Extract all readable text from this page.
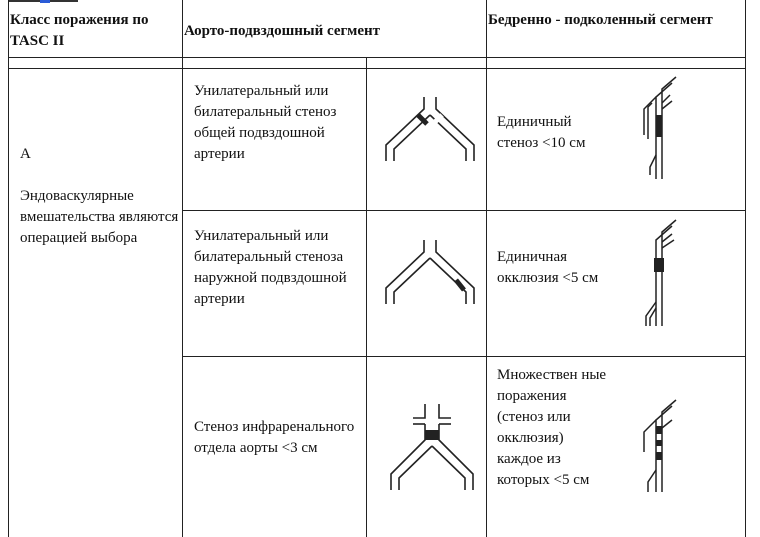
Класс поражения по TASC II
Аорто-подвздошный сегмент
Бедренно - подколенный сегмент
A
Эндоваскулярные вмешательства являются операцией выбора
Унилатеральный или билатеральный стеноз общей подвздошной артерии
Единичный стеноз <10 см
Унилатеральный или билатеральный стеноза наружной подвздошной артерии
Единичная окклюзия <5 см
Стеноз инфраренального отдела аорты <3 см
Множествен ные поражения (стеноз или окклюзия) каждое из которых <5 см
